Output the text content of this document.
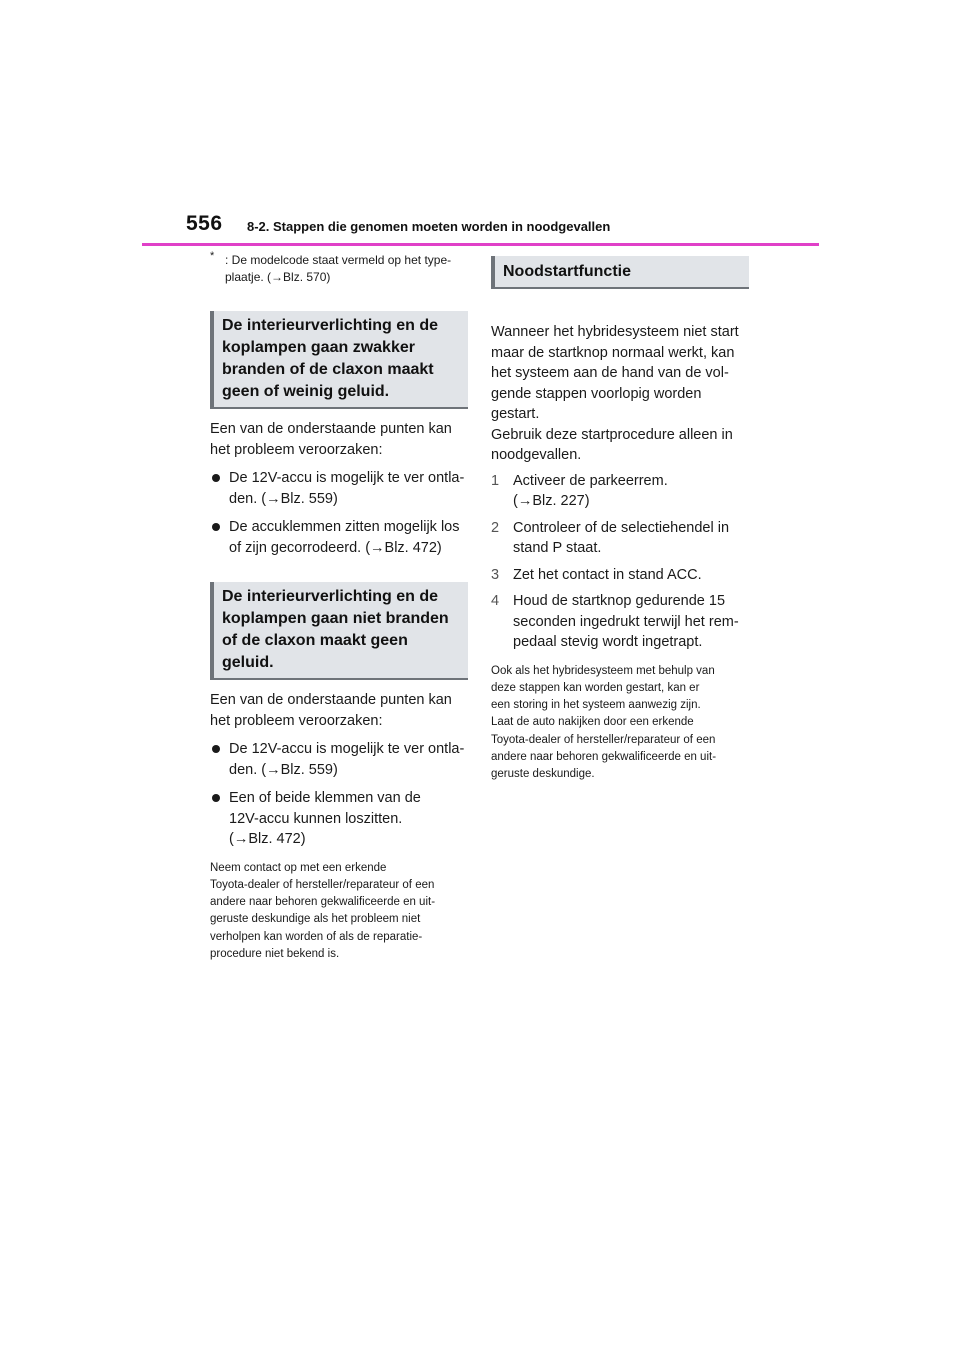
556 8-2. Stappen die genomen moeten worden in noodgevallen
* : De modelcode staat vermeld op het type-
plaatje. (→Blz. 570)
De interieurverlichting en de
koplampen gaan zwakker
branden of de claxon maakt
geen of weinig geluid.

Een van de onderstaande punten kan

het probleem veroorzaken:

De 12V-accu is mogelijk te ver ontla-
den. (→Blz. 559)
De accuklemmen zitten mogelijk los
of zijn gecorrodeerd. (→Blz. 472)
De interieurverlichting en de
koplampen gaan niet branden
of de claxon maakt geen
geluid.

Een van de onderstaande punten kan

het probleem veroorzaken:

De 12V-accu is mogelijk te ver ontla-
den. (→Blz. 559)
Een of beide klemmen van de
12V-accu kunnen loszitten.
(→Blz. 472)

Neem contact op met een erkende

Toyota-dealer of hersteller/reparateur of een

andere naar behoren gekwalificeerde en uit-

geruste deskundige als het probleem niet

verholpen kan worden of als de reparatie-

procedure niet bekend is.

Noodstartfunctie

Wanneer het hybridesysteem niet start

maar de startknop normaal werkt, kan

het systeem aan de hand van de vol-

gende stappen voorlopig worden

gestart.

Gebruik deze startprocedure alleen in

noodgevallen.

1 Activeer de parkeerrem.
(→Blz. 227)
2 Controleer of de selectiehendel in
stand P staat.
3 Zet het contact in stand ACC.
4 Houd de startknop gedurende 15
seconden ingedrukt terwijl het rem-
pedaal stevig wordt ingetrapt.

Ook als het hybridesysteem met behulp van

deze stappen kan worden gestart, kan er

een storing in het systeem aanwezig zijn.

Laat de auto nakijken door een erkende

Toyota-dealer of hersteller/reparateur of een

andere naar behoren gekwalificeerde en uit-

geruste deskundige.
